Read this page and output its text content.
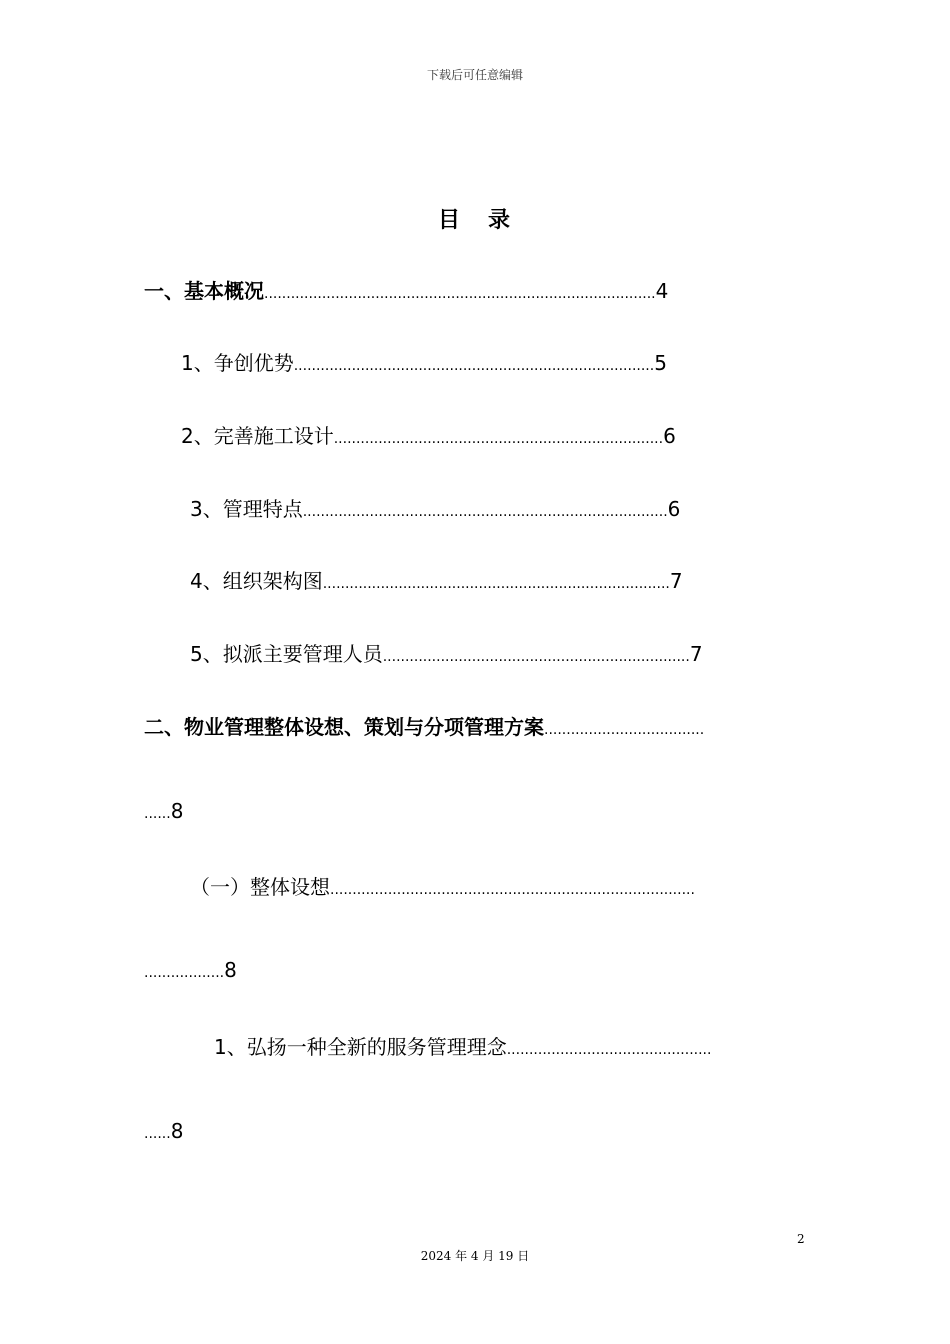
下载后可任意编辑
目 录
一、基本概况........................................................................................4
1、争创优势.................................................................................5
2、完善施工设计..........................................................................6
3、管理特点..................................................................................6
4、组织架构图..............................................................................7
5、拟派主要管理人员.....................................................................7
二、物业管理整体设想、策划与分项管理方案....................................
......8
（一）整体设想..................................................................................
..................8
1、弘扬一种全新的服务管理理念..............................................
......8
2
2024 年 4 月 19 日
